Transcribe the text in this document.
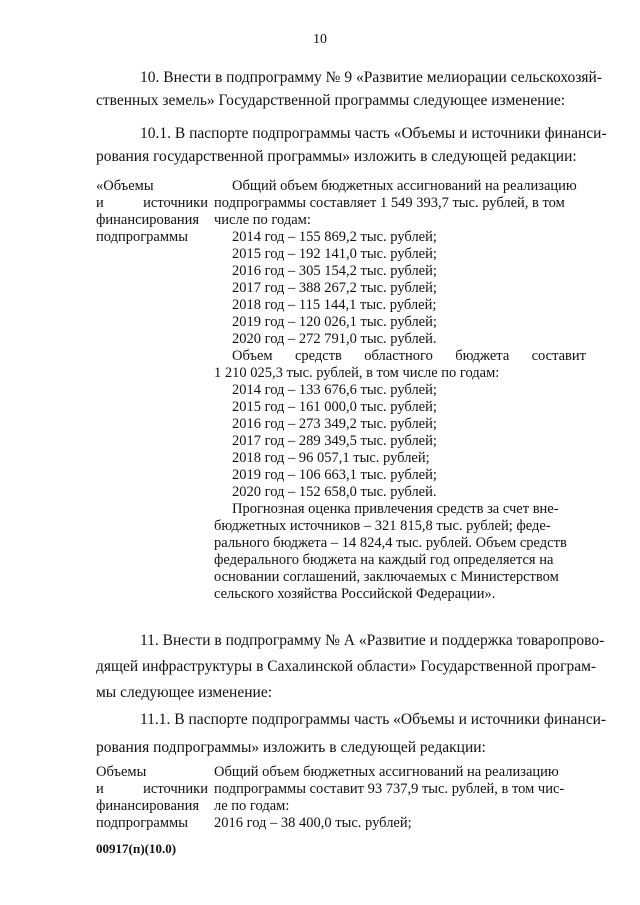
10
10. Внести в подпрограмму № 9 «Развитие мелиорации сельскохозяй-
ственных земель» Государственной программы следующее изменение:
10.1. В паспорте подпрограммы часть «Объемы и источники финанси-
рования государственной программы» изложить в следующей редакции:
«Объемы
и	источники
финансирования
подпрограммы
Общий объем бюджетных ассигнований на реализацию
подпрограммы составляет 1 549 393,7 тыс. рублей, в том
числе по годам:
2014 год – 155 869,2 тыс. рублей;
2015 год – 192 141,0 тыс. рублей;
2016 год – 305 154,2 тыс. рублей;
2017 год – 388 267,2 тыс. рублей;
2018 год – 115 144,1 тыс. рублей;
2019 год – 120 026,1 тыс. рублей;
2020 год – 272 791,0 тыс. рублей.
Объем средств областного бюджета составит
1 210 025,3 тыс. рублей, в том числе по годам:
2014 год – 133 676,6 тыс. рублей;
2015 год – 161 000,0 тыс. рублей;
2016 год – 273 349,2 тыс. рублей;
2017 год – 289 349,5 тыс. рублей;
2018 год – 96 057,1 тыс. рублей;
2019 год – 106 663,1 тыс. рублей;
2020 год – 152 658,0 тыс. рублей.
Прогнозная оценка привлечения средств за счет вне-
бюджетных источников – 321 815,8 тыс. рублей; феде-
рального бюджета – 14 824,4 тыс. рублей. Объем средств
федерального бюджета на каждый год определяется на
основании соглашений, заключаемых с Министерством
сельского хозяйства Российской Федерации».
11. Внести в подпрограмму № А «Развитие и поддержка товаропрово-
дящей инфраструктуры в Сахалинской области» Государственной програм-
мы следующее изменение:
11.1. В паспорте подпрограммы часть «Объемы и источники финанси-
рования подпрограммы» изложить в следующей редакции:
Объемы
и	источники
финансирования
подпрограммы
Общий объем бюджетных ассигнований на реализацию
подпрограммы составит 93 737,9 тыс. рублей, в том чис-
ле по годам:
2016 год – 38 400,0 тыс. рублей;
00917(п)(10.0)
